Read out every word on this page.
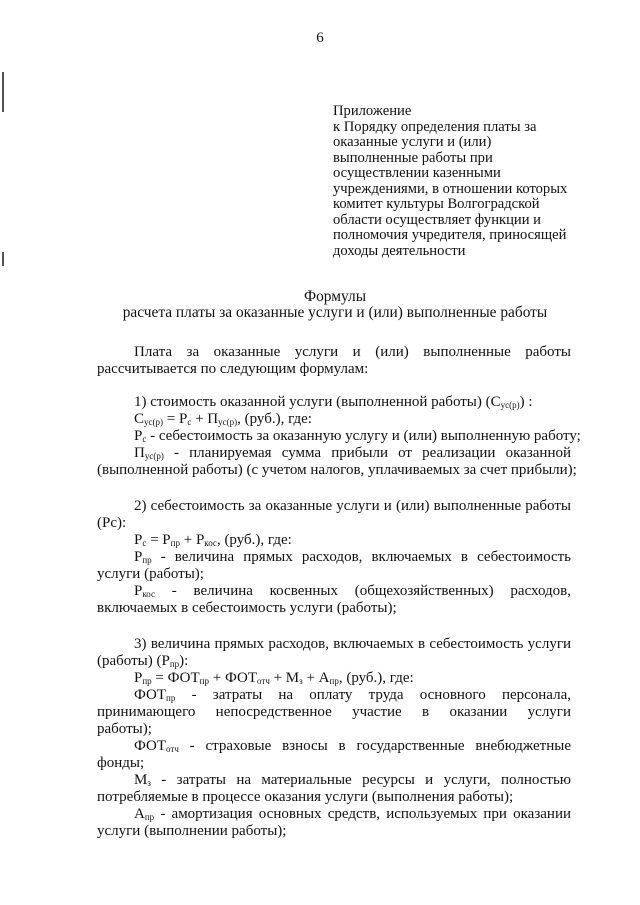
6
Приложение
к Порядку определения платы за
оказанные услуги и (или)
выполненные работы при
осуществлении казенными
учреждениями, в отношении которых
комитет культуры Волгоградской
области осуществляет функции и
полномочия учредителя, приносящей
доходы деятельности
Формулы
расчета платы за оказанные услуги и (или) выполненные работы
Плата за оказанные услуги и (или) выполненные работы
рассчитывается по следующим формулам:
1) стоимость оказанной услуги (выполненной работы) $(C_{ус(р)})$ :
$C_{ус(р)} = P_с + П_{ус(р)}$, (руб.), где:
$P_с$ - себестоимость за оказанную услугу и (или) выполненную работу;
$П_{ус(р)}$ - планируемая сумма прибыли от реализации оказанной
(выполненной работы) (с учетом налогов, уплачиваемых за счет прибыли);
2) себестоимость за оказанные услуги и (или) выполненные работы
(Pс):
$P_с = P_{пр} + P_{кос}$, (руб.), где:
$P_{пр}$ - величина прямых расходов, включаемых в себестоимость
услуги (работы);
$P_{кос}$ - величина косвенных (общехозяйственных) расходов,
включаемых в себестоимость услуги (работы);
3) величина прямых расходов, включаемых в себестоимость услуги
(работы) $(P_{пр})$:
$P_{пр} = ФОТ_{пр} + ФОТ_{отч} + М_з + А_{пр}$, (руб.), где:
$ФОТ_{пр}$ - затраты на оплату труда основного персонала,
принимающего непосредственное участие в оказании услуги
работы);
$ФОТ_{отч}$ - страховые взносы в государственные внебюджетные
фонды;
$М_з$ - затраты на материальные ресурсы и услуги, полностью
потребляемые в процессе оказания услуги (выполнения работы);
$А_{пр}$ - амортизация основных средств, используемых при оказании
услуги (выполнении работы);
